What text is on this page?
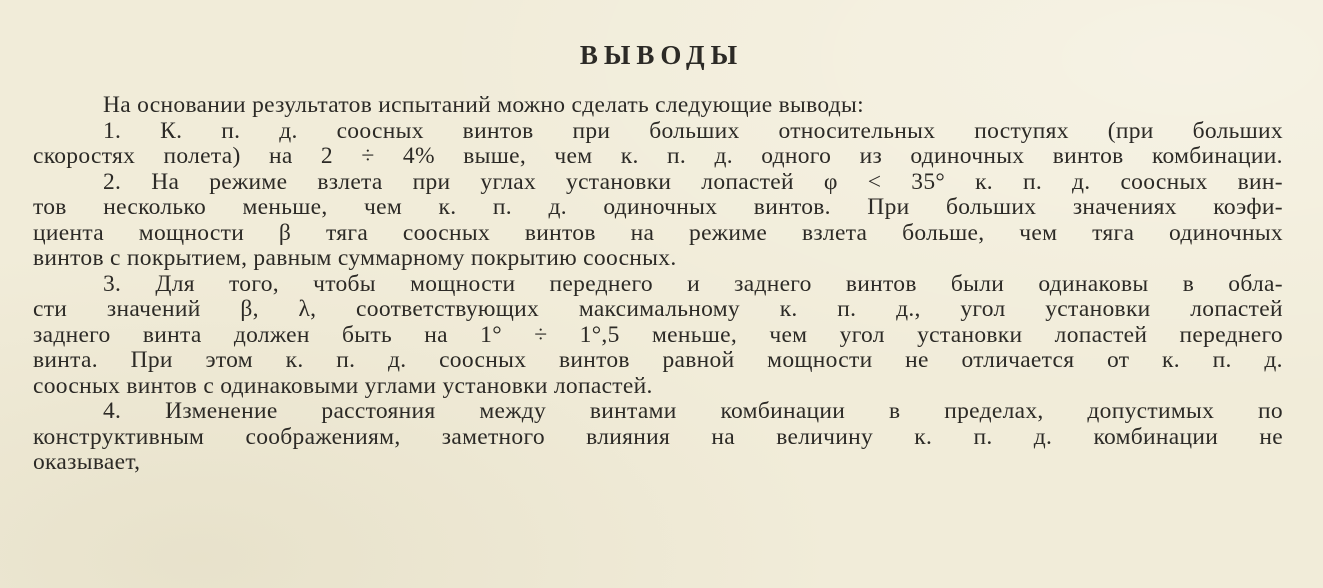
ВЫВОДЫ
На основании результатов испытаний можно сделать следующие выводы:
1. К. п. д. соосных винтов при больших относительных поступях (при больших
скоростях полета) на 2 ÷ 4% выше, чем к. п. д. одного из одиночных винтов комбинации.
2. На режиме взлета при углах установки лопастей φ < 35° к. п. д. соосных вин-
тов несколько меньше, чем к. п. д. одиночных винтов. При больших значениях коэфи-
циента мощности β тяга соосных винтов на режиме взлета больше, чем тяга одиночных
винтов с покрытием, равным суммарному покрытию соосных.
3. Для того, чтобы мощности переднего и заднего винтов были одинаковы в обла-
сти значений β, λ, соответствующих максимальному к. п. д., угол установки лопастей
заднего винта должен быть на 1° ÷ 1°,5 меньше, чем угол установки лопастей переднего
винта. При этом к. п. д. соосных винтов равной мощности не отличается от к. п. д.
соосных винтов с одинаковыми углами установки лопастей.
4. Изменение расстояния между винтами комбинации в пределах, допустимых по
конструктивным соображениям, заметного влияния на величину к. п. д. комбинации не
оказывает,
